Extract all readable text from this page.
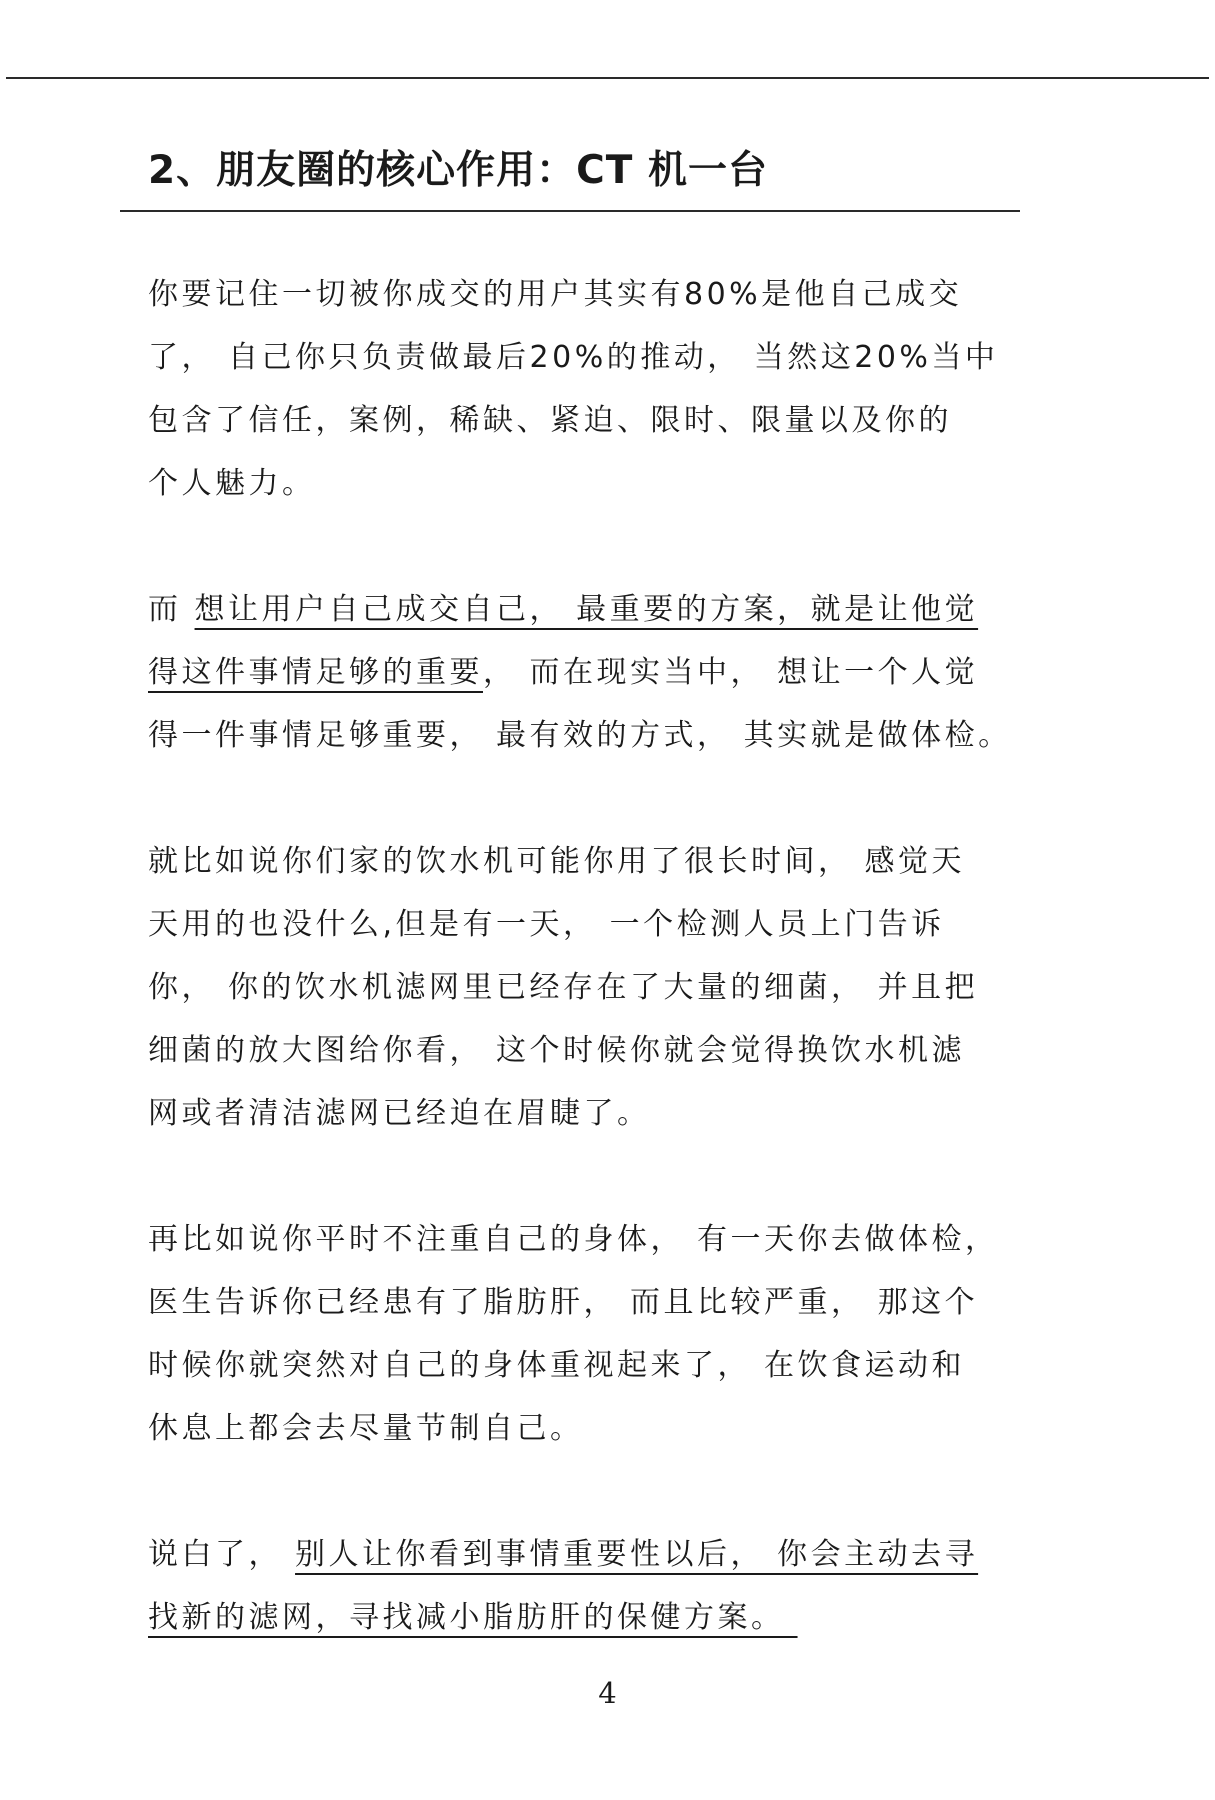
2、朋友圈的核心作用：CT 机一台
你要记住一切被你成交的用户其实有80%是他自己成交
了， 自己你只负责做最后20%的推动， 当然这20%当中
包含了信任，案例，稀缺、紧迫、限时、限量以及你的
个人魅力。
而 想让用户自己成交自己， 最重要的方案，就是让他觉
得这件事情足够的重要， 而在现实当中， 想让一个人觉
得一件事情足够重要， 最有效的方式， 其实就是做体检。
就比如说你们家的饮水机可能你用了很长时间， 感觉天
天用的也没什么,但是有一天， 一个检测人员上门告诉
你， 你的饮水机滤网里已经存在了大量的细菌， 并且把
细菌的放大图给你看， 这个时候你就会觉得换饮水机滤
网或者清洁滤网已经迫在眉睫了。
再比如说你平时不注重自己的身体， 有一天你去做体检，
医生告诉你已经患有了脂肪肝， 而且比较严重， 那这个
时候你就突然对自己的身体重视起来了， 在饮食运动和
休息上都会去尽量节制自己。
说白了， 别人让你看到事情重要性以后， 你会主动去寻
找新的滤网，寻找减小脂肪肝的保健方案。
4
